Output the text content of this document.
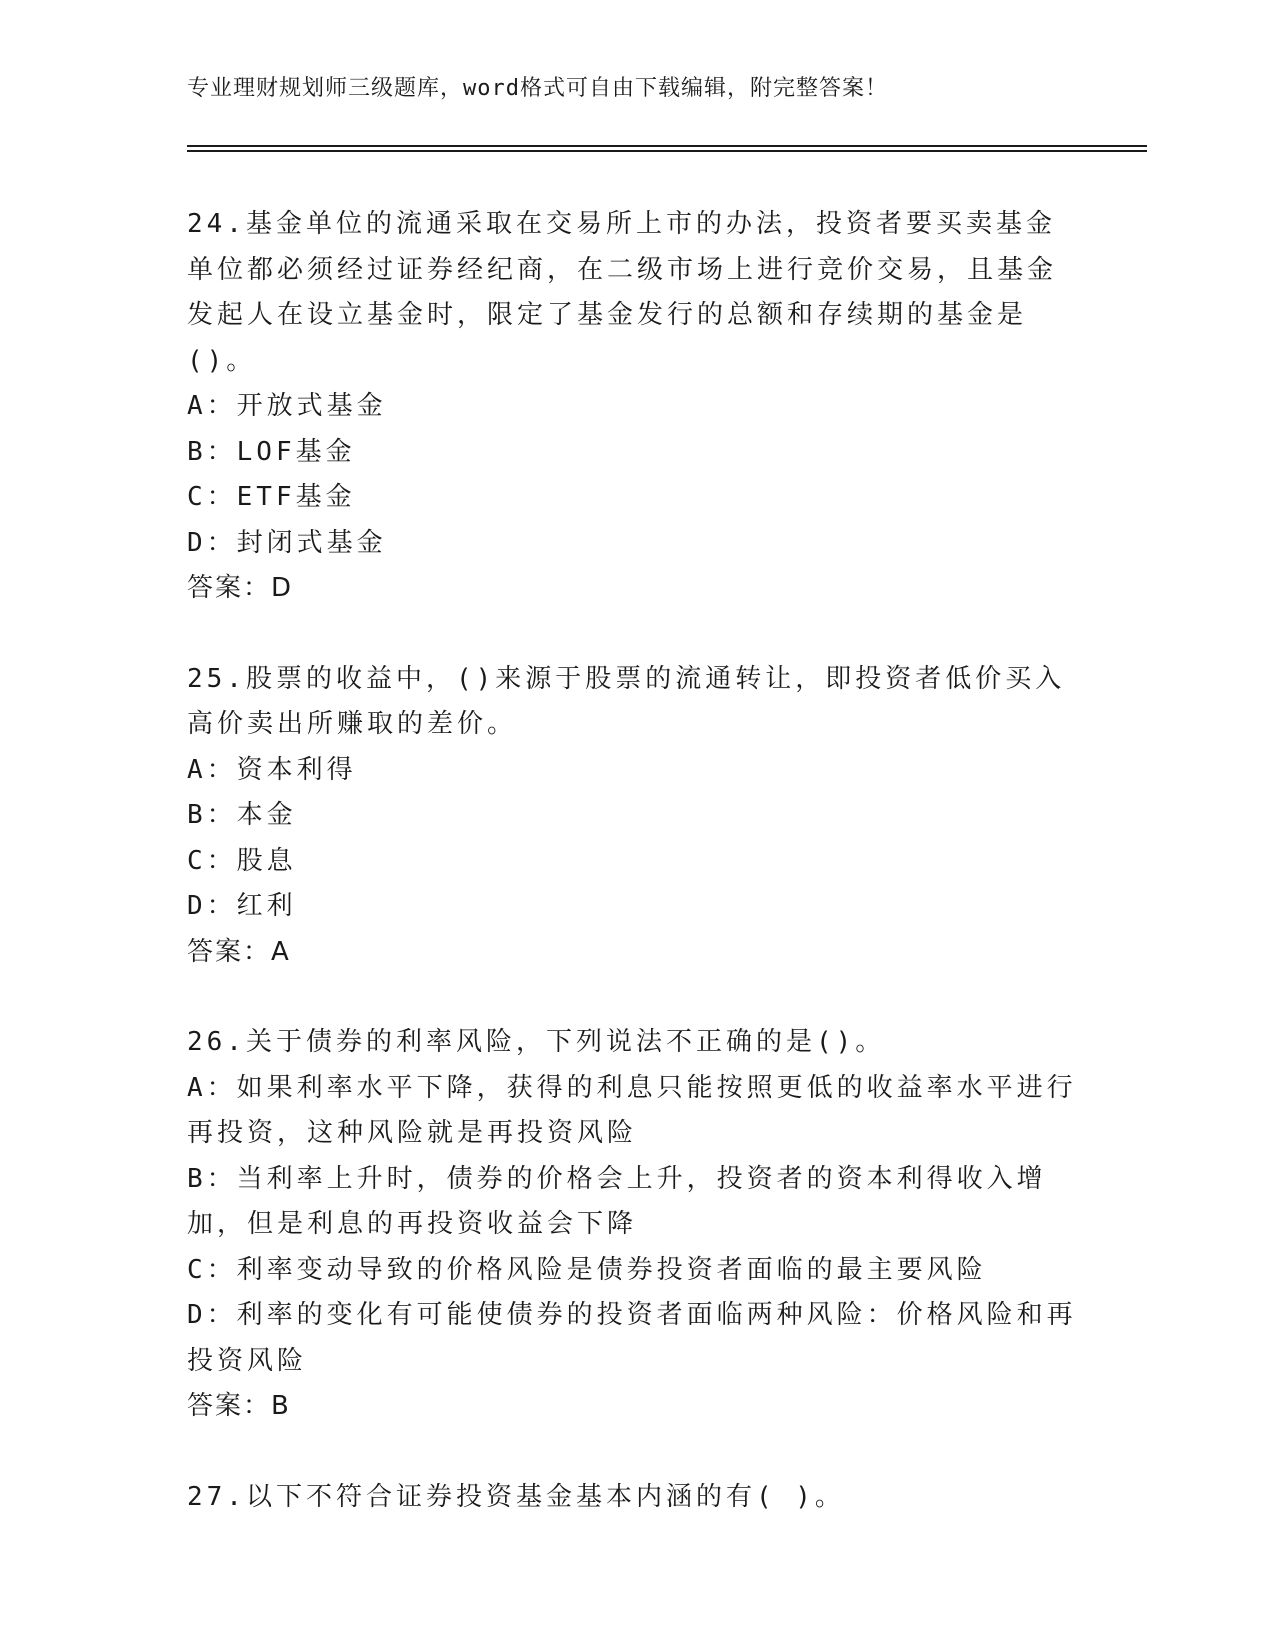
专业理财规划师三级题库，word格式可自由下载编辑，附完整答案！

24.基金单位的流通采取在交易所上市的办法，投资者要买卖基金单位都必须经过证券经纪商，在二级市场上进行竞价交易，且基金发起人在设立基金时，限定了基金发行的总额和存续期的基金是()。

A：开放式基金

B：LOF基金

C：ETF基金

D：封闭式基金

答案：D

25.股票的收益中，()来源于股票的流通转让，即投资者低价买入高价卖出所赚取的差价。

A：资本利得

B：本金

C：股息

D：红利

答案：A

26.关于债券的利率风险，下列说法不正确的是()。

A：如果利率水平下降，获得的利息只能按照更低的收益率水平进行再投资，这种风险就是再投资风险

B：当利率上升时，债券的价格会上升，投资者的资本利得收入增加，但是利息的再投资收益会下降

C：利率变动导致的价格风险是债券投资者面临的最主要风险

D：利率的变化有可能使债券的投资者面临两种风险：价格风险和再投资风险

答案：B

27.以下不符合证券投资基金基本内涵的有( )。
